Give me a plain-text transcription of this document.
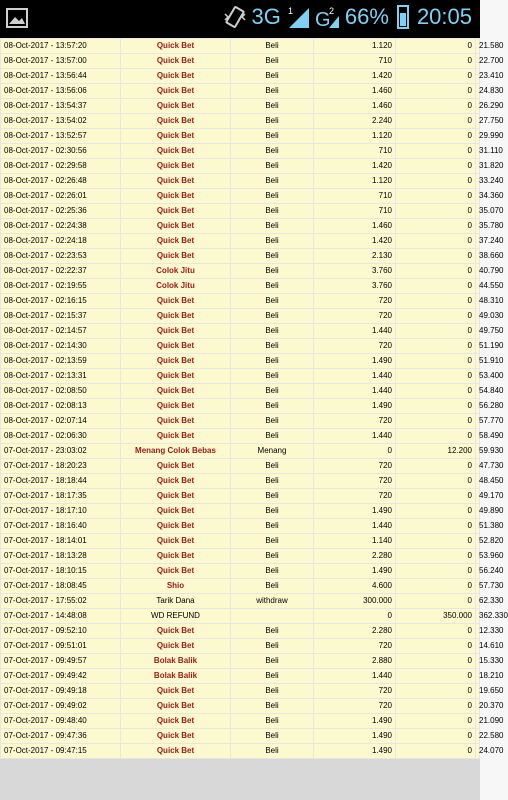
3G 1	2
G 66% 20:05
08-Oct-2017 - 13:57:20	Quick Bet	Beli	1.120	0	21.580
08-Oct-2017 - 13:57:00	Quick Bet	Beli	710	0	22.700
08-Oct-2017 - 13:56:44	Quick Bet	Beli	1.420	0	23.410
08-Oct-2017 - 13:56:06	Quick Bet	Beli	1.460	0	24.830
08-Oct-2017 - 13:54:37	Quick Bet	Beli	1.460	0	26.290
08-Oct-2017 - 13:54:02	Quick Bet	Beli	2.240	0	27.750
08-Oct-2017 - 13:52:57	Quick Bet	Beli	1.120	0	29.990
08-Oct-2017 - 02:30:56	Quick Bet	Beli	710	0	31.110
08-Oct-2017 - 02:29:58	Quick Bet	Beli	1.420	0	31.820
08-Oct-2017 - 02:26:48	Quick Bet	Beli	1.120	0	33.240
08-Oct-2017 - 02:26:01	Quick Bet	Beli	710	0	34.360
08-Oct-2017 - 02:25:36	Quick Bet	Beli	710	0	35.070
08-Oct-2017 - 02:24:38	Quick Bet	Beli	1.460	0	35.780
08-Oct-2017 - 02:24:18	Quick Bet	Beli	1.420	0	37.240
08-Oct-2017 - 02:23:53	Quick Bet	Beli	2.130	0	38.660
08-Oct-2017 - 02:22:37	Colok Jitu	Beli	3.760	0	40.790
08-Oct-2017 - 02:19:55	Colok Jitu	Beli	3.760	0	44.550
08-Oct-2017 - 02:16:15	Quick Bet	Beli	720	0	48.310
08-Oct-2017 - 02:15:37	Quick Bet	Beli	720	0	49.030
08-Oct-2017 - 02:14:57	Quick Bet	Beli	1.440	0	49.750
08-Oct-2017 - 02:14:30	Quick Bet	Beli	720	0	51.190
08-Oct-2017 - 02:13:59	Quick Bet	Beli	1.490	0	51.910
08-Oct-2017 - 02:13:31	Quick Bet	Beli	1.440	0	53.400
08-Oct-2017 - 02:08:50	Quick Bet	Beli	1.440	0	54.840
08-Oct-2017 - 02:08:13	Quick Bet	Beli	1.490	0	56.280
08-Oct-2017 - 02:07:14	Quick Bet	Beli	720	0	57.770
08-Oct-2017 - 02:06:30	Quick Bet	Beli	1.440	0	58.490
07-Oct-2017 - 23:03:02	Menang Colok Bebas	Menang	0	12.200	59.930
07-Oct-2017 - 18:20:23	Quick Bet	Beli	720	0	47.730
07-Oct-2017 - 18:18:44	Quick Bet	Beli	720	0	48.450
07-Oct-2017 - 18:17:35	Quick Bet	Beli	720	0	49.170
07-Oct-2017 - 18:17:10	Quick Bet	Beli	1.490	0	49.890
07-Oct-2017 - 18:16:40	Quick Bet	Beli	1.440	0	51.380
07-Oct-2017 - 18:14:01	Quick Bet	Beli	1.140	0	52.820
07-Oct-2017 - 18:13:28	Quick Bet	Beli	2.280	0	53.960
07-Oct-2017 - 18:10:15	Quick Bet	Beli	1.490	0	56.240
07-Oct-2017 - 18:08:45	Shio	Beli	4.600	0	57.730
07-Oct-2017 - 17:55:02	Tarik Dana	withdraw	300.000	0	62.330
07-Oct-2017 - 14:48:08	WD REFUND		0	350.000	362.330
07-Oct-2017 - 09:52:10	Quick Bet	Beli	2.280	0	12.330
07-Oct-2017 - 09:51:01	Quick Bet	Beli	720	0	14.610
07-Oct-2017 - 09:49:57	Bolak Balik	Beli	2.880	0	15.330
07-Oct-2017 - 09:49:42	Bolak Balik	Beli	1.440	0	18.210
07-Oct-2017 - 09:49:18	Quick Bet	Beli	720	0	19.650
07-Oct-2017 - 09:49:02	Quick Bet	Beli	720	0	20.370
07-Oct-2017 - 09:48:40	Quick Bet	Beli	1.490	0	21.090
07-Oct-2017 - 09:47:36	Quick Bet	Beli	1.490	0	22.580
07-Oct-2017 - 09:47:15	Quick Bet	Beli	1.490	0	24.070
